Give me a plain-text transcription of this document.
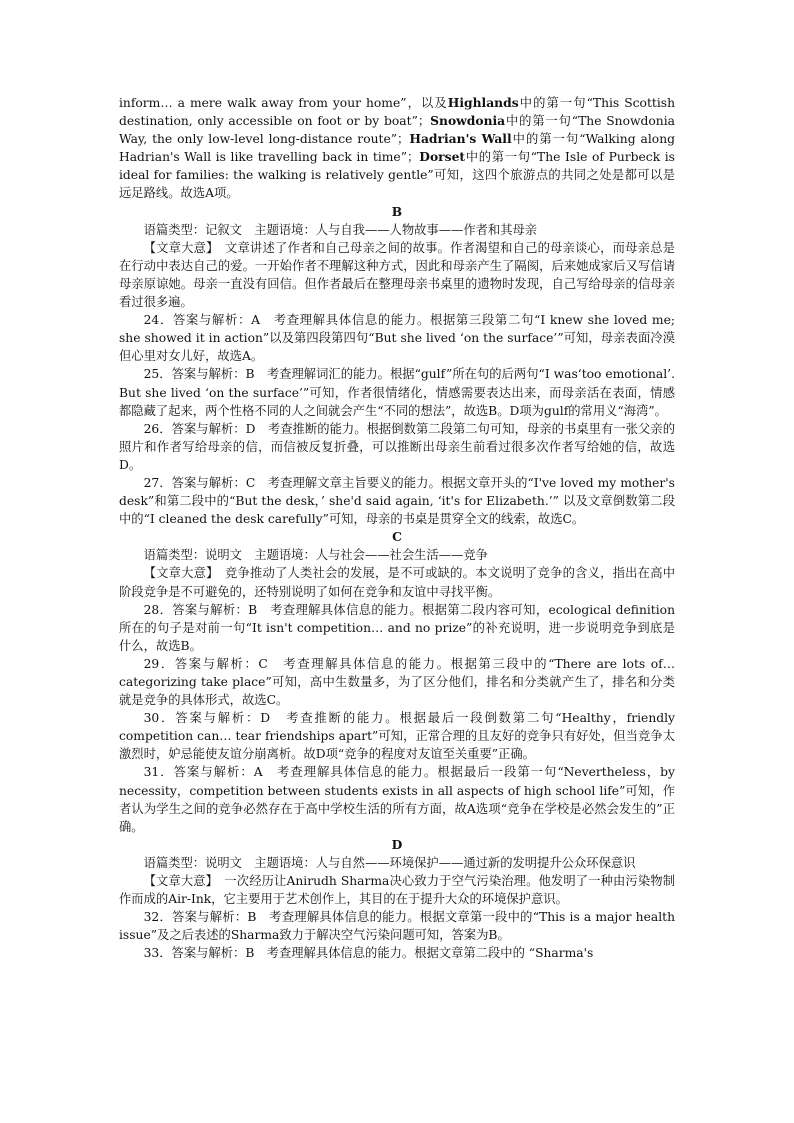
inform… a mere walk away from your home”，以及Highlands中的第一句“This Scottish destination, only accessible on foot or by boat”；Snowdonia中的第一句“The Snowdonia Way, the only low-level long-distance route”；Hadrian's Wall中的第一句“Walking along Hadrian's Wall is like travelling back in time”；Dorset中的第一句“The Isle of Purbeck is ideal for families: the walking is relatively gentle”可知，这四个旅游点的共同之处是都可以是远足路线。故选A项。

B

语篇类型：记叙文　主题语境：人与自我——人物故事——作者和其母亲

【文章大意】　文章讲述了作者和自己母亲之间的故事。作者渴望和自己的母亲谈心，而母亲总是在行动中表达自己的爱。一开始作者不理解这种方式，因此和母亲产生了隔阂，后来她成家后又写信请母亲原谅她。母亲一直没有回信。但作者最后在整理母亲书桌里的遗物时发现，自己写给母亲的信母亲看过很多遍。

24．答案与解析：A　考查理解具体信息的能力。根据第三段第二句“I knew she loved me; she showed it in action”以及第四段第四句“But she lived ‘on the surface’”可知，母亲表面冷漠但心里对女儿好，故选A。

25．答案与解析：B　考查理解词汇的能力。根据“gulf”所在句的后两句“I was‘too emotional’. But she lived ‘on the surface’”可知，作者很情绪化，情感需要表达出来，而母亲活在表面，情感都隐藏了起来，两个性格不同的人之间就会产生“不同的想法”，故选B。D项为gulf的常用义“海湾”。

26．答案与解析：D　考查推断的能力。根据倒数第二段第二句可知，母亲的书桌里有一张父亲的照片和作者写给母亲的信，而信被反复折叠，可以推断出母亲生前看过很多次作者写给她的信，故选D。

27．答案与解析：C　考查理解文章主旨要义的能力。根据文章开头的“I've loved my mother's desk”和第二段中的“But the desk，’ she'd said again, ‘it's for Elizabeth.’” 以及文章倒数第二段中的“I cleaned the desk carefully”可知，母亲的书桌是贯穿全文的线索，故选C。

C

语篇类型：说明文　主题语境：人与社会——社会生活——竞争

【文章大意】　竞争推动了人类社会的发展，是不可或缺的。本文说明了竞争的含义，指出在高中阶段竞争是不可避免的，还特别说明了如何在竞争和友谊中寻找平衡。

28．答案与解析：B　考查理解具体信息的能力。根据第二段内容可知，ecological definition所在的句子是对前一句“It isn't competition… and no prize”的补充说明，进一步说明竞争到底是什么，故选B。

29．答案与解析：C　考查理解具体信息的能力。根据第三段中的“There are lots of… categorizing take place”可知，高中生数量多，为了区分他们，排名和分类就产生了，排名和分类就是竞争的具体形式，故选C。

30．答案与解析：D　考查推断的能力。根据最后一段倒数第二句“Healthy，friendly competition can… tear friendships apart”可知，正常合理的且友好的竞争只有好处，但当竞争太激烈时，妒忌能使友谊分崩离析。故D项“竞争的程度对友谊至关重要”正确。

31．答案与解析：A　考查理解具体信息的能力。根据最后一段第一句“Nevertheless，by necessity，competition between students exists in all aspects of high school life”可知，作者认为学生之间的竞争必然存在于高中学校生活的所有方面，故A选项“竞争在学校是必然会发生的”正确。

D

语篇类型：说明文　主题语境：人与自然——环境保护——通过新的发明提升公众环保意识

【文章大意】　一次经历让Anirudh Sharma决心致力于空气污染治理。他发明了一种由污染物制作而成的Air-Ink，它主要用于艺术创作上，其目的在于提升大众的环境保护意识。

32．答案与解析：B　考查理解具体信息的能力。根据文章第一段中的“This is a major health issue”及之后表述的Sharma致力于解决空气污染问题可知，答案为B。

33．答案与解析：B　考查理解具体信息的能力。根据文章第二段中的 “Sharma's
